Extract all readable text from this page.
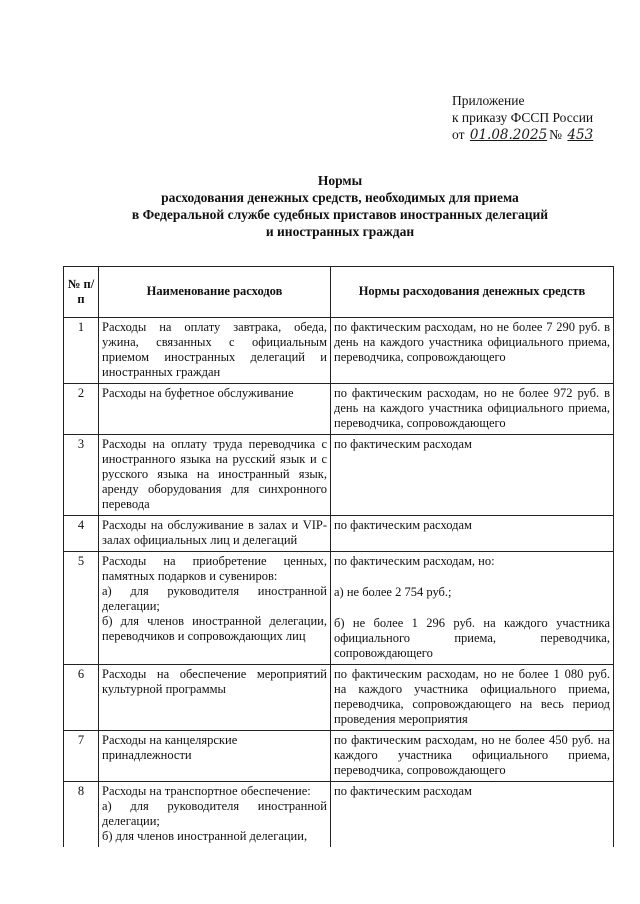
Приложение
к приказу ФССП России
от 01.08.2025 № 453
Нормы
расходования денежных средств, необходимых для приема
в Федеральной службе судебных приставов иностранных делегаций
и иностранных граждан
№ п/п	Наименование расходов	Нормы расходования денежных средств
1	Расходы на оплату завтрака, обеда, ужина, связанных с официальным приемом иностранных делегаций и иностранных граждан	по фактическим расходам, но не более 7 290 руб. в день на каждого участника официального приема, переводчика, сопровождающего
2	Расходы на буфетное обслуживание	по фактическим расходам, но не более 972 руб. в день на каждого участника официального приема, переводчика, сопровождающего
3	Расходы на оплату труда переводчика с иностранного языка на русский язык и с русского языка на иностранный язык, аренду оборудования для синхронного перевода	по фактическим расходам
4	Расходы на обслуживание в залах и VIP-залах официальных лиц и делегаций	по фактическим расходам
5	Расходы на приобретение ценных, памятных подарков и сувениров:
а) для руководителя иностранной делегации;
б) для членов иностранной делегации, переводчиков и сопровождающих лиц	по фактическим расходам, но:
а) не более 2 754 руб.;
б) не более 1 296 руб. на каждого участника официального приема, переводчика, сопровождающего

6	Расходы на обеспечение мероприятий культурной программы	по фактическим расходам, но не более 1 080 руб. на каждого участника официального приема, переводчика, сопровождающего на весь период проведения мероприятия
7	Расходы на канцелярские принадлежности	по фактическим расходам, но не более 450 руб. на каждого участника официального приема, переводчика, сопровождающего
8	Расходы на транспортное обеспечение:
а) для руководителя иностранной делегации;
б) для членов иностранной делегации,	по фактическим расходам
